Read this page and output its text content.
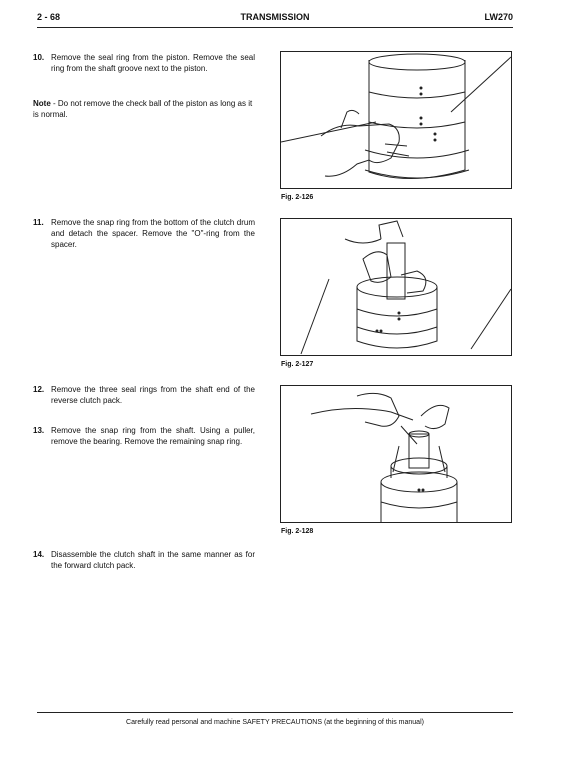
2 - 68	TRANSMISSION	LW270
10. Remove the seal ring from the piston. Remove the seal ring from the shaft groove next to the piston.
Note - Do not remove the check ball of the piston as long as it is normal.
11. Remove the snap ring from the bottom of the clutch drum and detach the spacer. Remove the "O"-ring from the spacer.
12. Remove the three seal rings from the shaft end of the reverse clutch pack.
13. Remove the snap ring from the shaft. Using a puller, remove the bearing. Remove the remaining snap ring.
14. Disassemble the clutch shaft in the same manner as for the forward clutch pack.
Fig. 2-126
Fig. 2-127
Fig. 2-128
Carefully read personal and machine SAFETY PRECAUTIONS (at the beginning of this manual)
